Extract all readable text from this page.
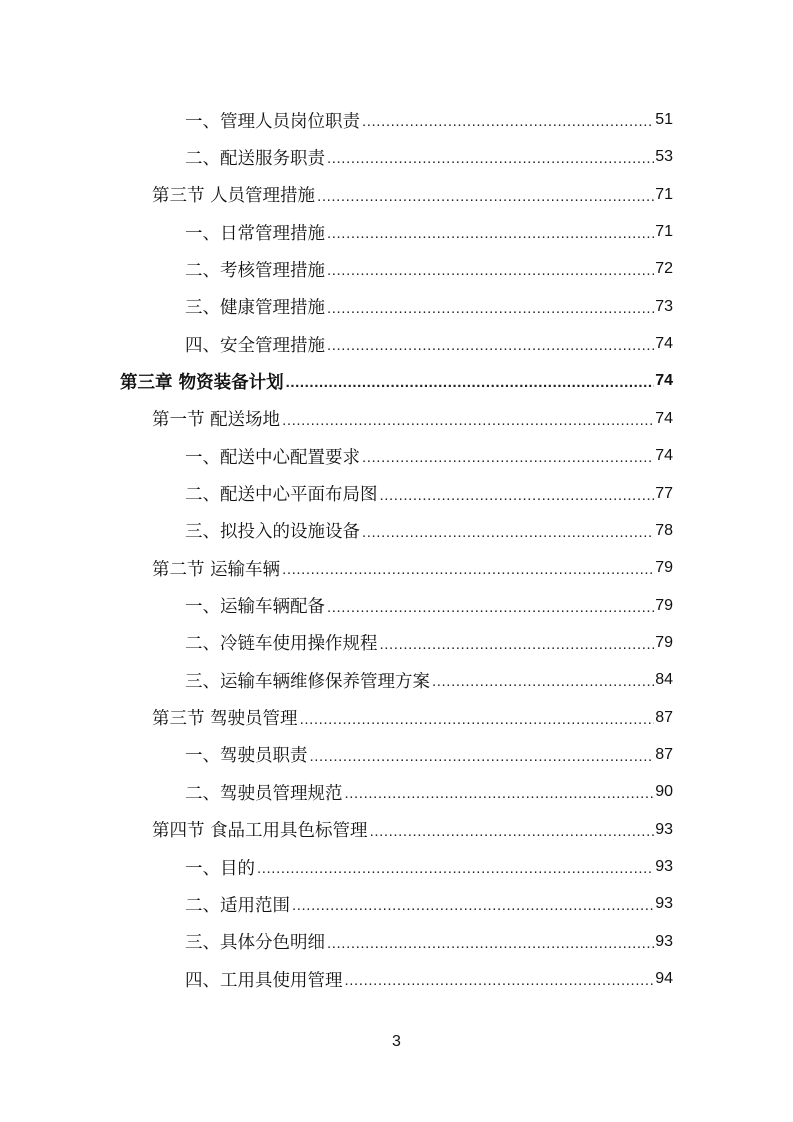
一、管理人员岗位职责 .....	51
二、配送服务职责 .....	53
第三节 人员管理措施 .....	71
一、日常管理措施 .....	71
二、考核管理措施 .....	72
三、健康管理措施 .....	73
四、安全管理措施 .....	74
第三章 物资装备计划 .....	74
第一节 配送场地 .....	74
一、配送中心配置要求 .....	74
二、配送中心平面布局图 .....	77
三、拟投入的设施设备 .....	78
第二节 运输车辆 .....	79
一、运输车辆配备 .....	79
二、冷链车使用操作规程 .....	79
三、运输车辆维修保养管理方案 .....	84
第三节 驾驶员管理 .....	87
一、驾驶员职责 .....	87
二、驾驶员管理规范 .....	90
第四节 食品工用具色标管理 .....	93
一、目的 .....	93
二、适用范围 .....	93
三、具体分色明细 .....	93
四、工用具使用管理 .....	94
3
